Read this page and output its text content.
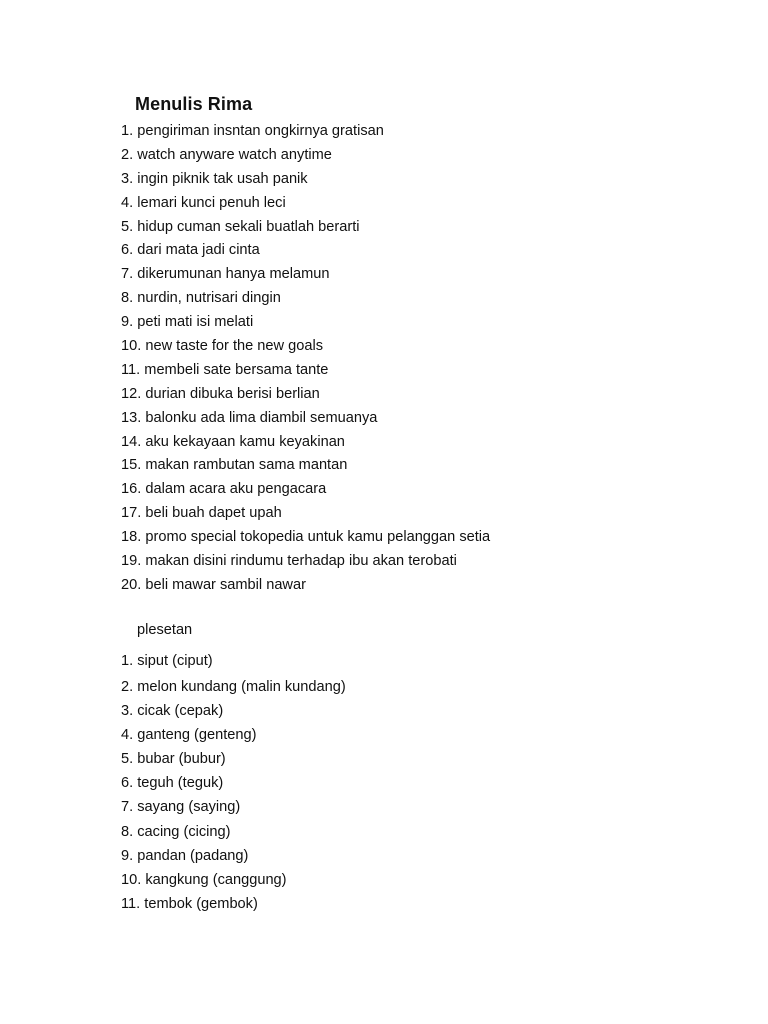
Menulis Rima
1. pengiriman insntan ongkirnya gratisan
2. watch anyware watch anytime
3. ingin piknik tak usah panik
4. lemari kunci penuh leci
5. hidup cuman sekali buatlah berarti
6. dari mata jadi cinta
7. dikerumunan hanya melamun
8. nurdin, nutrisari dingin
9. peti mati isi melati
10. new taste for the new goals
11. membeli sate bersama tante
12. durian dibuka berisi berlian
13. balonku ada lima diambil semuanya
14. aku kekayaan kamu keyakinan
15. makan rambutan sama mantan
16. dalam acara aku pengacara
17. beli buah dapet upah
18. promo special tokopedia untuk kamu pelanggan setia
19. makan disini rindumu terhadap ibu akan terobati
20. beli mawar sambil nawar
plesetan
1. siput (ciput)
2. melon kundang (malin kundang)
3. cicak (cepak)
4. ganteng (genteng)
5. bubar (bubur)
6. teguh (teguk)
7. sayang (saying)
8. cacing (cicing)
9. pandan (padang)
10. kangkung (canggung)
11. tembok (gembok)
